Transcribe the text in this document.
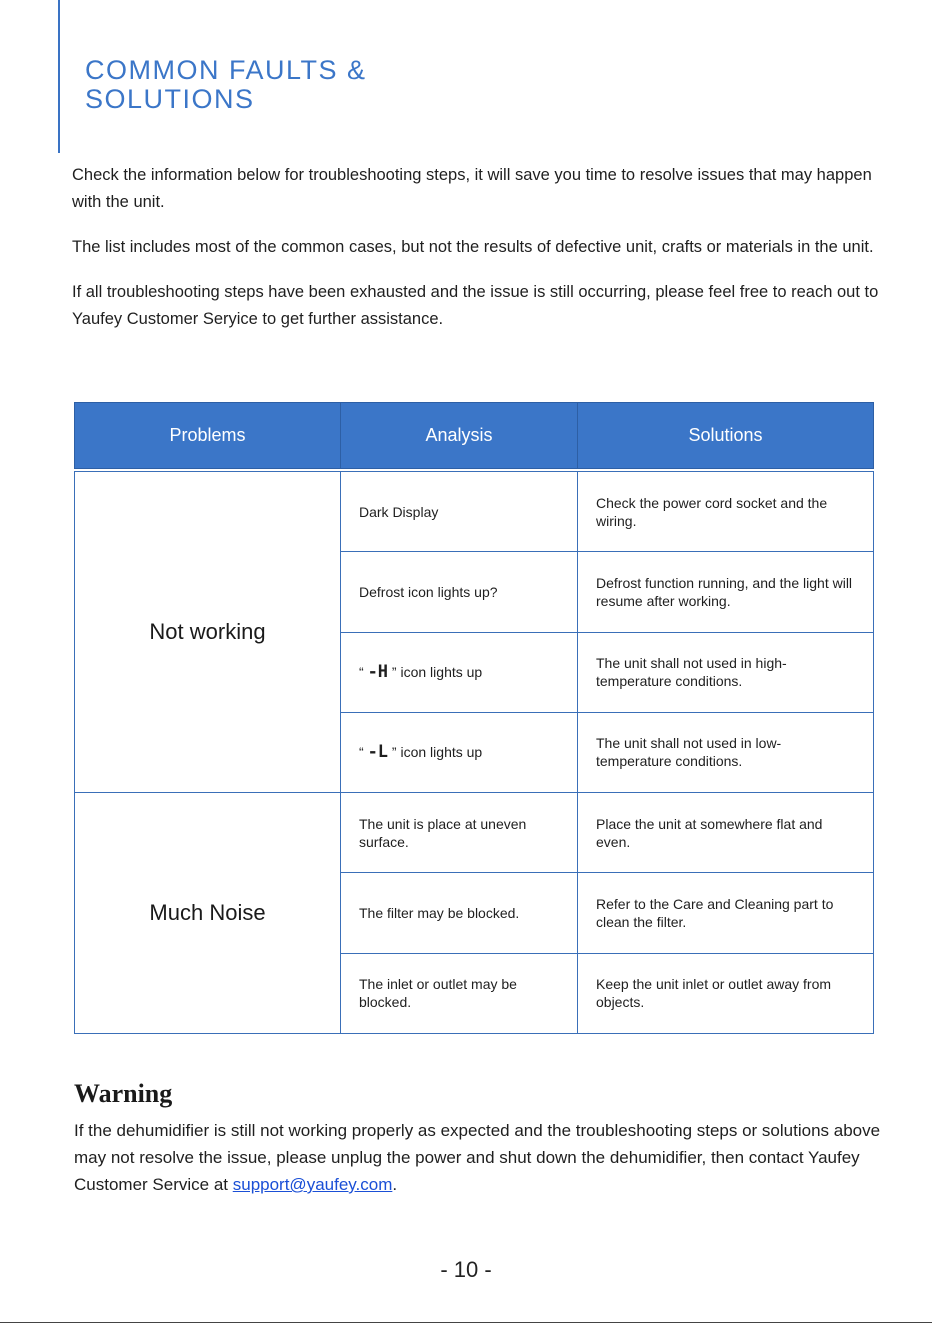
COMMON FAULTS &
SOLUTIONS

Check the information below for troubleshooting steps, it will save you time to resolve issues that may happen with the unit.

The list includes most of the common cases, but not the results of defective unit, crafts or materials in the unit.

If all troubleshooting steps have been exhausted and the issue is still occurring, please feel free to reach out to Yaufey Customer Seryice to get further assistance.

Problems	Analysis	Solutions

Not working	Dark Display	Check the power cord socket and the wiring.
	Defrost icon lights up?	Defrost function running, and the light will resume after working.
	“ -H ” icon lights up	The unit shall not used in high-temperature conditions.
	“ -L ” icon lights up	The unit shall not used in low-temperature conditions.
Much Noise	The unit is place at uneven surface.	Place the unit at somewhere flat and even.
	The filter may be blocked.	Refer to the Care and Cleaning part to clean the filter.
	The inlet or outlet may be blocked.	Keep the unit inlet or outlet away from objects.
Warning

If the dehumidifier is still not working properly as expected and the troubleshooting steps or solutions above may not resolve the issue, please unplug the power and shut down the dehumidifier, then contact Yaufey Customer Service at support@yaufey.com.

- 10 -
